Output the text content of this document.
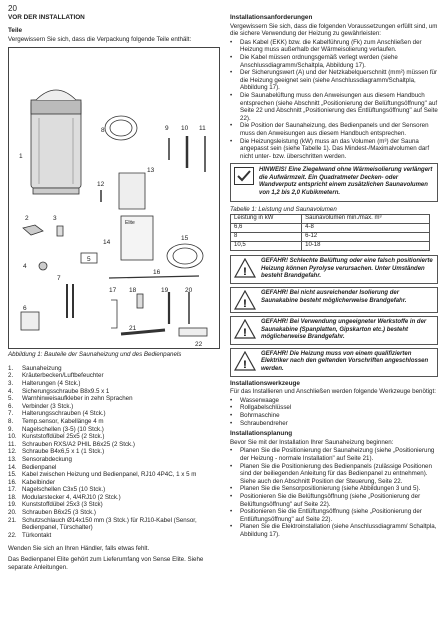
20
VOR DER INSTALLATION
Teile

Vergewissern Sie sich, dass die Verpackung folgende Teile enthält:

1
2	3
4
5
6
7
8	9 10 11
12
13
14
15
16
17 18	19	20
21
22
Elite
Abbildung 1: Bauteile der Saunaheizung und des Bedienpanels
1.	Saunaheizung
2.	Kräuterbecken/Luftbefeuchter
3.	Halterungen (4 Stck.)
4.	Sicherungsschraube B8x9.5 x 1
5.	Warnhinweisaufkleber in zehn Sprachen
6.	Verbinder (3 Stck.)
7.	Halterungsschrauben (4 Stck.)
8.	Temp.sensor, Kabellänge 4 m
9.	Nagelschellen (3-5) (10 Stck.)
10. Kunststoffdübel 25x5 (2 Stck.)
11. Schrauben RXS/A2 PHIL B6x25 (2 Stck.)
12. Schraube B4x6,5 x 1 (1 Stck.)
13. Sensorabdeckung
14. Bedienpanel
15. Kabel zwischen Heizung und Bedienpanel, RJ10 4P4C, 1 x 5 m
16. Kabelbinder
17. Nagelschellen C3x5 (10 Stck.)
18. Modularstecker 4, 4/4RJ10 (2 Stck.)
19. Kunststoffdübel 25x3 (3 Stck)
20. Schrauben B6x25 (3 Stck.)
21. Schutzschlauch Ø14x150 mm (3 Stck.) für RJ10-Kabel (Sensor, Bedienpanel, Türschalter)
22. Türkontakt

Wenden Sie sich an Ihren Händler, falls etwas fehlt.

Das Bedienpanel Elite gehört zum Lieferumfang von Sense Elite. Siehe separate Anleitungen.

Installationsanforderungen

Vergewissern Sie sich, dass die folgenden Voraussetzungen erfüllt sind, um die sichere Verwendung der Heizung zu gewährleisten:

•	Das Kabel (EKK) bzw. die Kabelführung (Fk) zum Anschließen der Heizung muss außerhalb der Wärmeisolierung verlaufen.
•	Die Kabel müssen ordnungsgemäß verlegt werden (siehe Anschlussdiagramm/Schaltpla, Abbildung 17).
•	Der Sicherungswert (A) und der Netzkabelquerschnitt (mm²) müssen für die Heizung geeignet sein (siehe Anschlussdiagramm/Schaltpla, Abbildung 17).
•	Die Saunabelüftung muss den Anweisungen aus diesem Handbuch entsprechen (siehe Abschnitt „Positionierung der Belüftungsöffnung" auf Seite 22 und Abschnitt „Positionierung des Entlüftungsöffnung" auf Seite 22).
•	Die Position der Saunaheizung, des Bedienpanels und der Sensoren muss den Anweisungen aus diesem Handbuch entsprechen.
•	Die Heizungsleistung (kW) muss an das Volumen (m³) der Sauna angepasst sein (siehe Tabelle 1). Das Mindest-/Maximalvolumen darf nicht unter- bzw. überschritten werden.
HINWEIS! Eine Ziegelwand ohne Wärmeisolierung verlängert die Aufwärmzeit. Ein Quadratmeter Decken- oder Wandverputz entspricht einem zusätzlichen Saunavolumen von 1,2 bis 2,0 Kubikmetern.
Tabelle 1: Leistung und Saunavolumen
Leistung in kW	Saunavolumen min./max. m³
6,6	4-8
8	6-12
10,5	10-18
!
GEFAHR! Schlechte Belüftung oder eine falsch positionierte Heizung können Pyrolyse verursachen. Unter Umständen besteht Brandgefahr.
!
GEFAHR! Bei nicht ausreichender Isolierung der Saunakabine besteht möglicherweise Brandgefahr.
!
GEFAHR! Bei Verwendung ungeeigneter Werkstoffe in der Saunakabine (Spanplatten, Gipskarton etc.) besteht möglicherweise Brandgefahr.
!
GEFAHR! Die Heizung muss von einem qualifizierten Elektriker nach den geltenden Vorschriften angeschlossen werden.
Installationswerkzeuge

Für das Installieren und Anschließen werden folgende Werkzeuge benötigt:

•	Wasserwaage
•	Rollgabelschlüssel
•	Bohrmaschine
•	Schraubendreher
Installationsplanung

Bevor Sie mit der Installation Ihrer Saunaheizung beginnen:

•	Planen Sie die Positionierung der Saunaheizung (siehe „Positionierung der Heizung - normale Installation" auf Seite 21).
•	Planen Sie die Positionierung des Bedienpanels (zulässige Positionen sind der beiliegenden Anleitung für das Bedienpanel zu entnehmen). Siehe auch den Abschnitt Position der Steuerung, Seite 22.
•	Planen Sie die Sensorpositionierung (siehe Abbildungen 3 und 5).
•	Positionieren Sie die Belüftungsöffnung (siehe „Positionierung der Belüftungsöffnung" auf Seite 22).
•	Positionieren Sie die Entlüftungsöffnung (siehe „Positionierung der Entlüftungsöffnung" auf Seite 22).
•	Planen Sie die Elektroinstallation (siehe Anschlussdiagramm/ Schaltpla, Abbildung 17).
